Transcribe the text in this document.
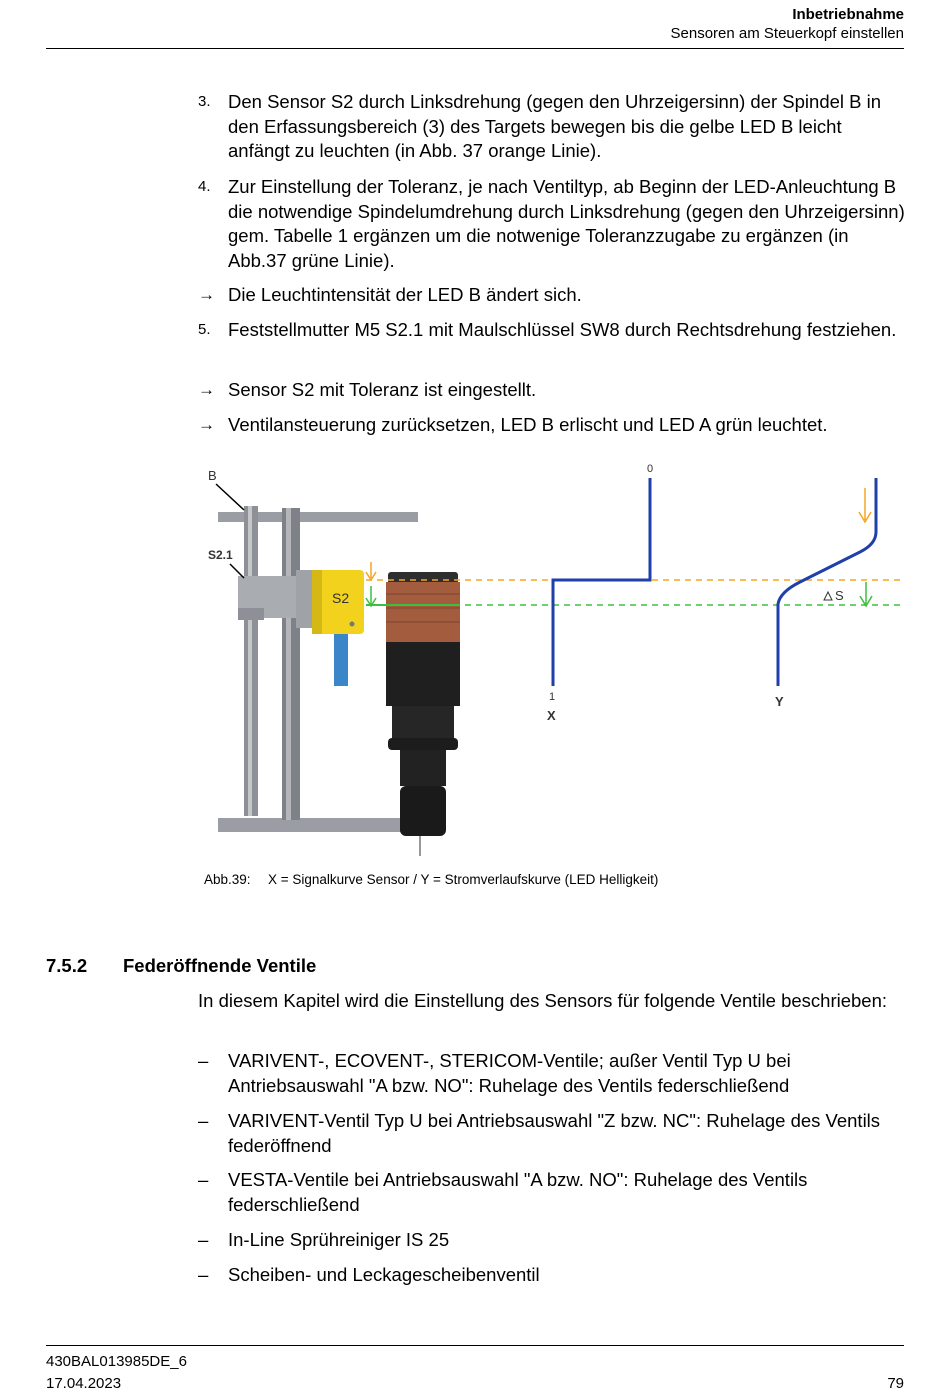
Inbetriebnahme
Sensoren am Steuerkopf einstellen
3. Den Sensor S2 durch Linksdrehung (gegen den Uhrzeigersinn) der Spindel B in den Erfassungsbereich (3) des Targets bewegen bis die gelbe LED B leicht anfängt zu leuchten (in Abb. 37 orange Linie).
4. Zur Einstellung der Toleranz, je nach Ventiltyp, ab Beginn der LED-Anleuchtung B die notwendige Spindelumdrehung durch Linksdrehung (gegen den Uhrzeigersinn) gem. Tabelle 1 ergänzen um die notwenige Toleranzzugabe zu ergänzen (in Abb.37 grüne Linie).
→ Die Leuchtintensität der LED B ändert sich.
5. Feststellmutter M5 S2.1 mit Maulschlüssel SW8 durch Rechtsdrehung festziehen.
→ Sensor S2 mit Toleranz ist eingestellt.
→ Ventilansteuerung zurücksetzen, LED B erlischt und LED A grün leuchtet.
B
S2.1
S2
0
1
X
Y
S
Abb.39: X = Signalkurve Sensor / Y = Stromverlaufskurve (LED Helligkeit)
7.5.2 Federöffnende Ventile
In diesem Kapitel wird die Einstellung des Sensors für folgende Ventile beschrieben:
– VARIVENT-, ECOVENT-, STERICOM-Ventile; außer Ventil Typ U bei Antriebsauswahl "A bzw. NO": Ruhelage des Ventils federschließend
– VARIVENT-Ventil Typ U bei Antriebsauswahl "Z bzw. NC": Ruhelage des Ventils federöffnend
– VESTA-Ventile bei Antriebsauswahl "A bzw. NO": Ruhelage des Ventils federschließend
– In-Line Sprühreiniger IS 25
– Scheiben- und Leckagescheibenventil
430BAL013985DE_6
17.04.2023	79
